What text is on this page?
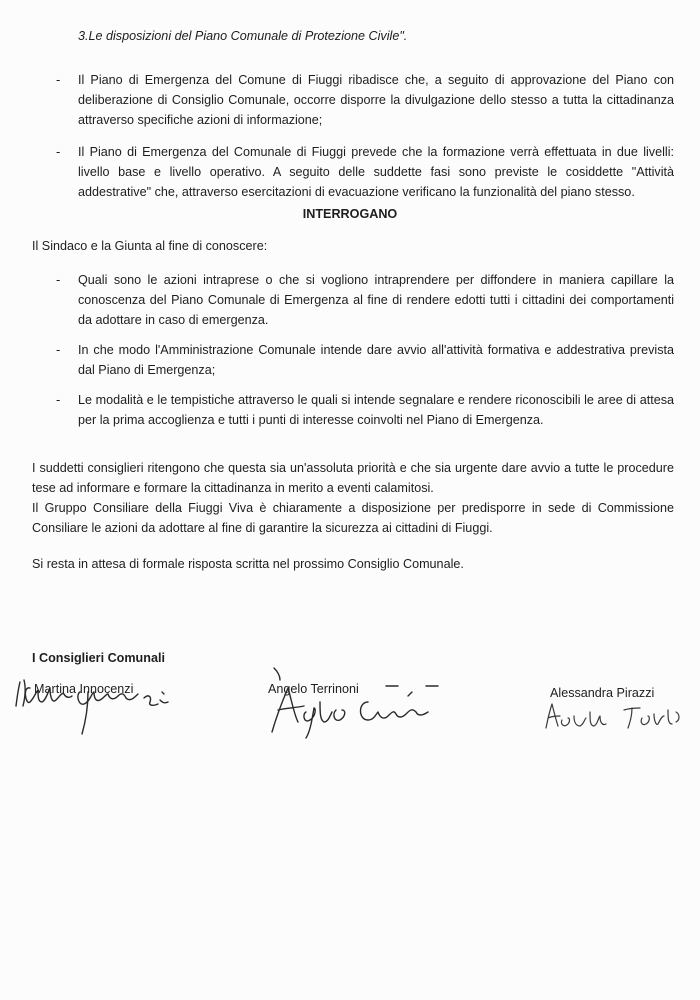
3.Le disposizioni del Piano Comunale di Protezione Civile".
- Il Piano di Emergenza del Comune di Fiuggi ribadisce che, a seguito di approvazione del Piano con deliberazione di Consiglio Comunale, occorre disporre la divulgazione dello stesso a tutta la cittadinanza attraverso specifiche azioni di informazione;

- Il Piano di Emergenza del Comunale di Fiuggi prevede che la formazione verrà effettuata in due livelli: livello base e livello operativo. A seguito delle suddette fasi sono previste le cosiddette "Attività addestrative" che, attraverso esercitazioni di evacuazione verificano la funzionalità del piano stesso.

INTERROGANO

Il Sindaco e la Giunta al fine di conoscere:

- Quali sono le azioni intraprese o che si vogliono intraprendere per diffondere in maniera capillare la conoscenza del Piano Comunale di Emergenza al fine di rendere edotti tutti i cittadini dei comportamenti da adottare in caso di emergenza.

- In che modo l'Amministrazione Comunale intende dare avvio all'attività formativa e addestrativa prevista dal Piano di Emergenza;

- Le modalità e le tempistiche attraverso le quali si intende segnalare e rendere riconoscibili le aree di attesa per la prima accoglienza e tutti i punti di interesse coinvolti nel Piano di Emergenza.

I suddetti consiglieri ritengono che questa sia un'assoluta priorità e che sia urgente dare avvio a tutte le procedure tese ad informare e formare la cittadinanza in merito a eventi calamitosi.

Il Gruppo Consiliare della Fiuggi Viva è chiaramente a disposizione per predisporre in sede di Commissione Consiliare le azioni da adottare al fine di garantire la sicurezza ai cittadini di Fiuggi.

Si resta in attesa di formale risposta scritta nel prossimo Consiglio Comunale.

I Consiglieri Comunali
Martina Innocenzi	Angelo Terrinoni	Alessandra Pirazzi
